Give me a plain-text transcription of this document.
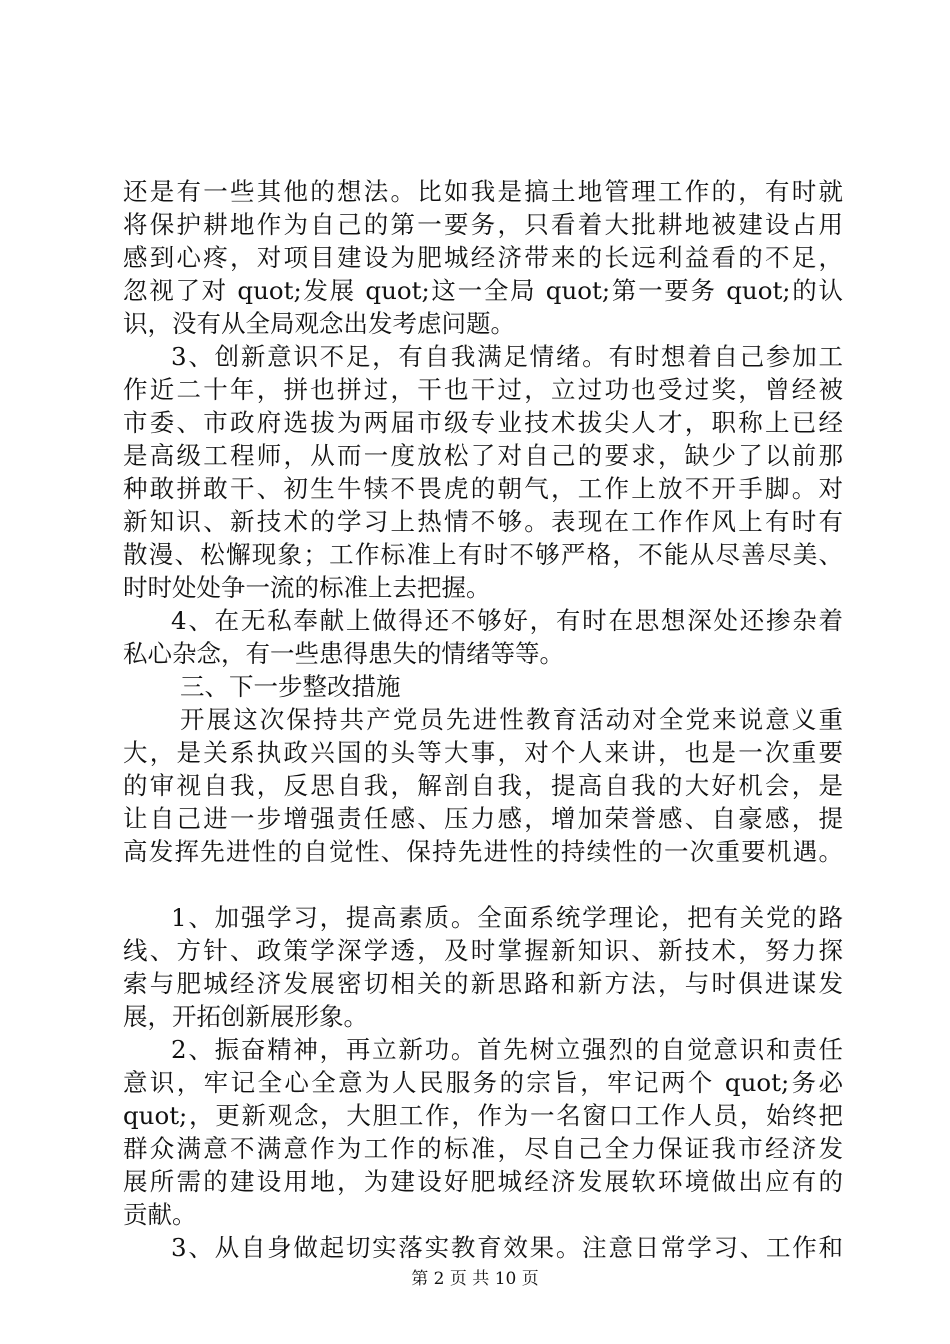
还是有一些其他的想法。比如我是搞土地管理工作的，有时就
将保护耕地作为自己的第一要务，只看着大批耕地被建设占用
感到心疼，对项目建设为肥城经济带来的长远利益看的不足，
忽视了对 quot;发展 quot;这一全局 quot;第一要务 quot;的认
识，没有从全局观念出发考虑问题。
3、创新意识不足，有自我满足情绪。有时想着自己参加工
作近二十年，拼也拼过，干也干过，立过功也受过奖，曾经被
市委、市政府选拔为两届市级专业技术拔尖人才，职称上已经
是高级工程师，从而一度放松了对自己的要求，缺少了以前那
种敢拼敢干、初生牛犊不畏虎的朝气，工作上放不开手脚。对
新知识、新技术的学习上热情不够。表现在工作作风上有时有
散漫、松懈现象；工作标准上有时不够严格，不能从尽善尽美、
时时处处争一流的标准上去把握。
4、在无私奉献上做得还不够好，有时在思想深处还掺杂着
私心杂念，有一些患得患失的情绪等等。
三、下一步整改措施
开展这次保持共产党员先进性教育活动对全党来说意义重
大，是关系执政兴国的头等大事，对个人来讲，也是一次重要
的审视自我，反思自我，解剖自我，提高自我的大好机会，是
让自己进一步增强责任感、压力感，增加荣誉感、自豪感，提
高发挥先进性的自觉性、保持先进性的持续性的一次重要机遇。
1、加强学习，提高素质。全面系统学理论，把有关党的路
线、方针、政策学深学透，及时掌握新知识、新技术，努力探
索与肥城经济发展密切相关的新思路和新方法，与时俱进谋发
展，开拓创新展形象。
2、振奋精神，再立新功。首先树立强烈的自觉意识和责任
意识，牢记全心全意为人民服务的宗旨，牢记两个 quot;务必
quot;，更新观念，大胆工作，作为一名窗口工作人员，始终把
群众满意不满意作为工作的标准，尽自己全力保证我市经济发
展所需的建设用地，为建设好肥城经济发展软环境做出应有的
贡献。
3、从自身做起切实落实教育效果。注意日常学习、工作和
第 2 页 共 10 页
